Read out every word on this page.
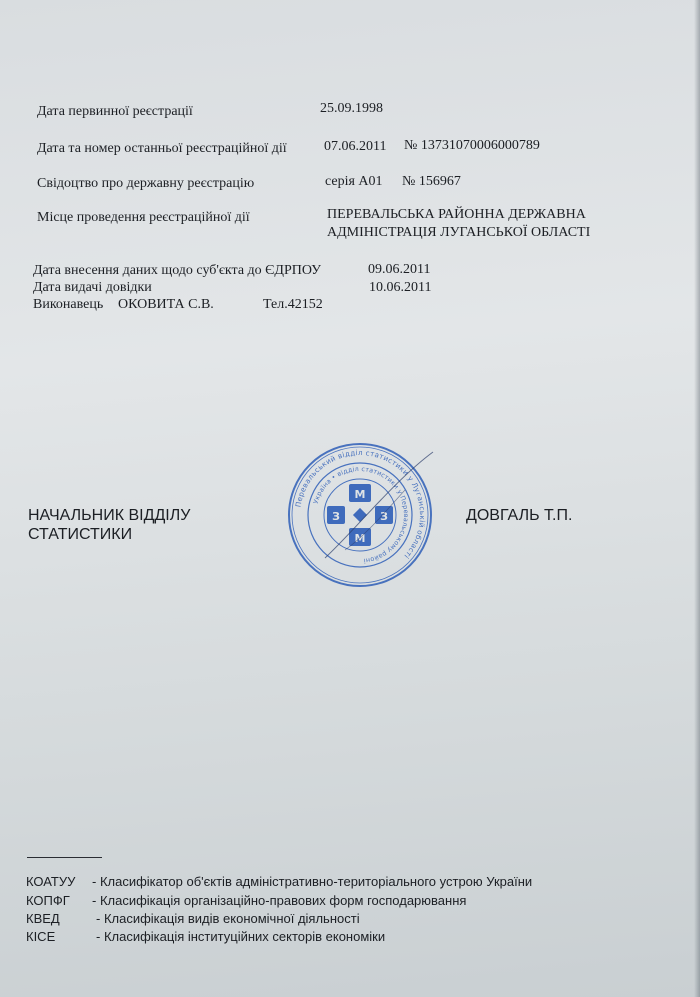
Дата первинної реєстрації	25.09.1998
Дата та номер останньої реєстраційної дії	07.06.2011 № 13731070006000789
Свідоцтво про державну реєстрацію	серія А01 № 156967
Місце проведення реєстраційної дії	ПЕРЕВАЛЬСЬКА РАЙОННА ДЕРЖАВНА
АДМІНІСТРАЦІЯ ЛУГАНСЬКОЇ ОБЛАСТІ
Дата внесення даних щодо суб'єкта до ЄДРПОУ	09.06.2011
Дата видачі довідки	10.06.2011
Виконавець ОКОВИТА С.В.	Тел.42152
НАЧАЛЬНИК ВІДДІЛУ
СТАТИСТИКИ
ДОВГАЛЬ Т.П.
Перевальський відділ статистики у Луганській області
Україна • відділ статистики у Перевальському районі
M
M
З	З
КОАТУУ - Класифікатор об'єктів адміністративно-територіального устрою України
КОПФГ - Класифікація організаційно-правових форм господарювання
КВЕД	- Класифікація видів економічної діяльності
КІСЕ	- Класифікація інституційних секторів економіки
